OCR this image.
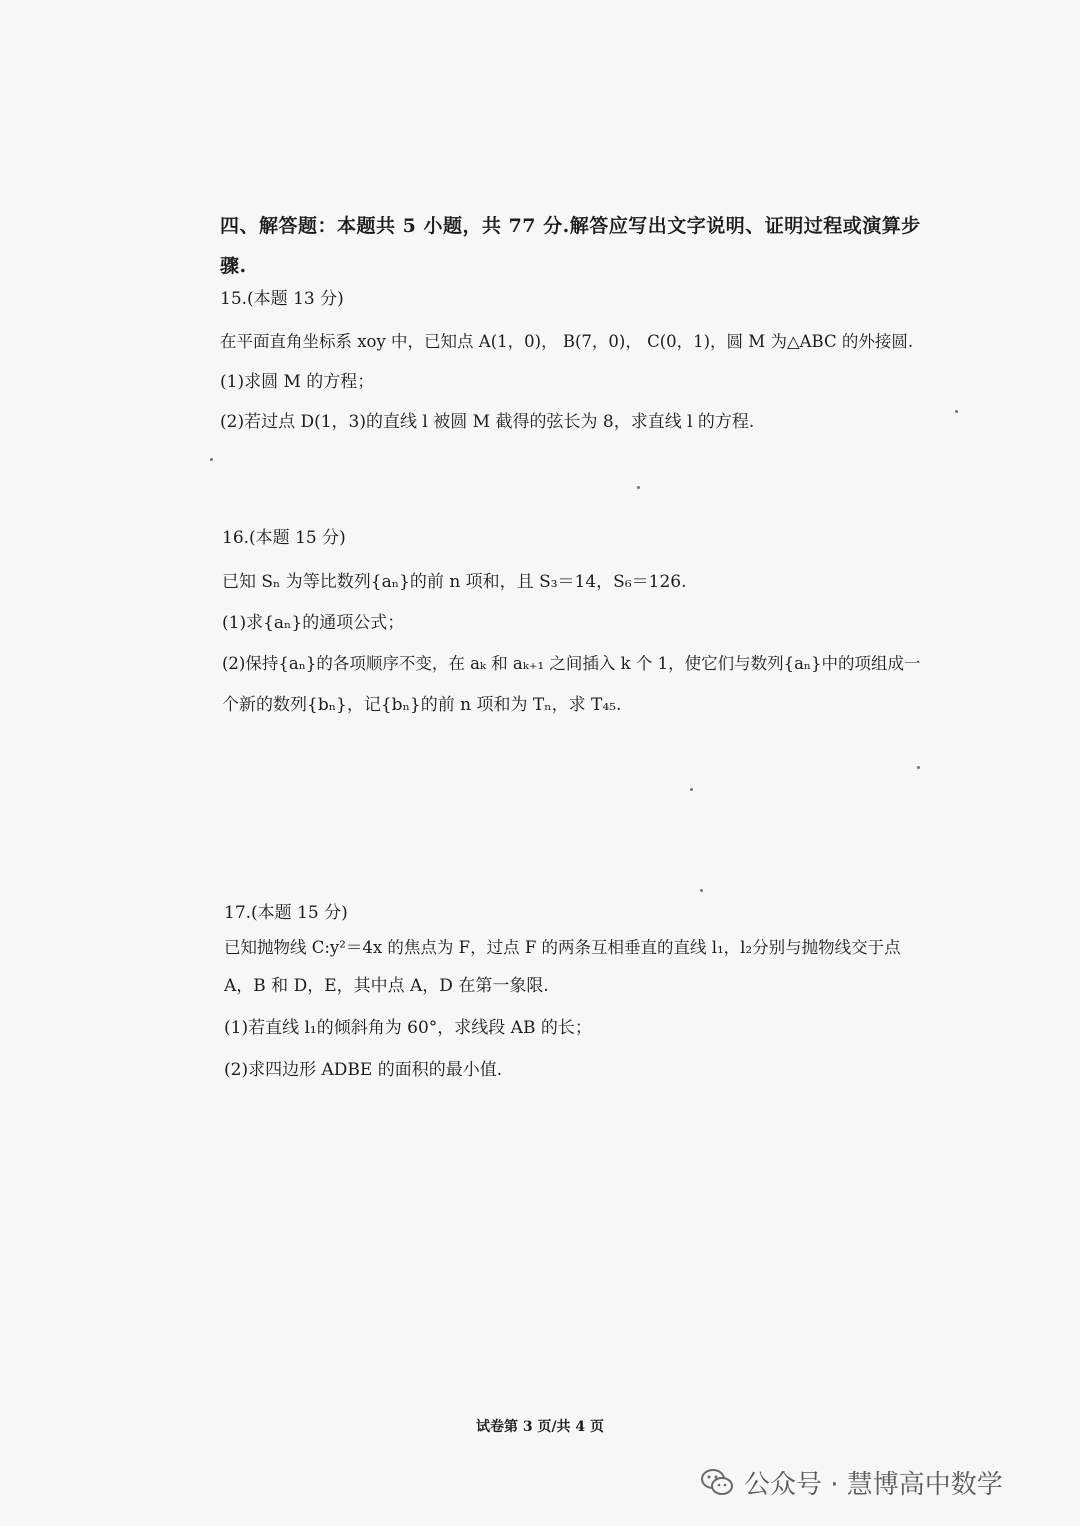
四、解答题：本题共 5 小题，共 77 分.解答应写出文字说明、证明过程或演算步
骤.
15.(本题 13 分)
在平面直角坐标系 xoy 中，已知点 A(1，0)， B(7，0)， C(0，1)，圆 M 为△ABC 的外接圆.
(1)求圆 M 的方程；
(2)若过点 D(1，3)的直线 l 被圆 M 截得的弦长为 8，求直线 l 的方程.
16.(本题 15 分)
已知 Sₙ 为等比数列{aₙ}的前 n 项和，且 S₃＝14，S₆＝126.
(1)求{aₙ}的通项公式；
(2)保持{aₙ}的各项顺序不变，在 aₖ 和 aₖ₊₁ 之间插入 k 个 1，使它们与数列{aₙ}中的项组成一
个新的数列{bₙ}，记{bₙ}的前 n 项和为 Tₙ，求 T₄₅.
17.(本题 15 分)
已知抛物线 C:y²＝4x 的焦点为 F，过点 F 的两条互相垂直的直线 l₁，l₂分别与抛物线交于点
A，B 和 D，E，其中点 A，D 在第一象限.
(1)若直线 l₁的倾斜角为 60°，求线段 AB 的长；
(2)求四边形 ADBE 的面积的最小值.
试卷第 3 页/共 4 页
公众号 · 慧博高中数学
